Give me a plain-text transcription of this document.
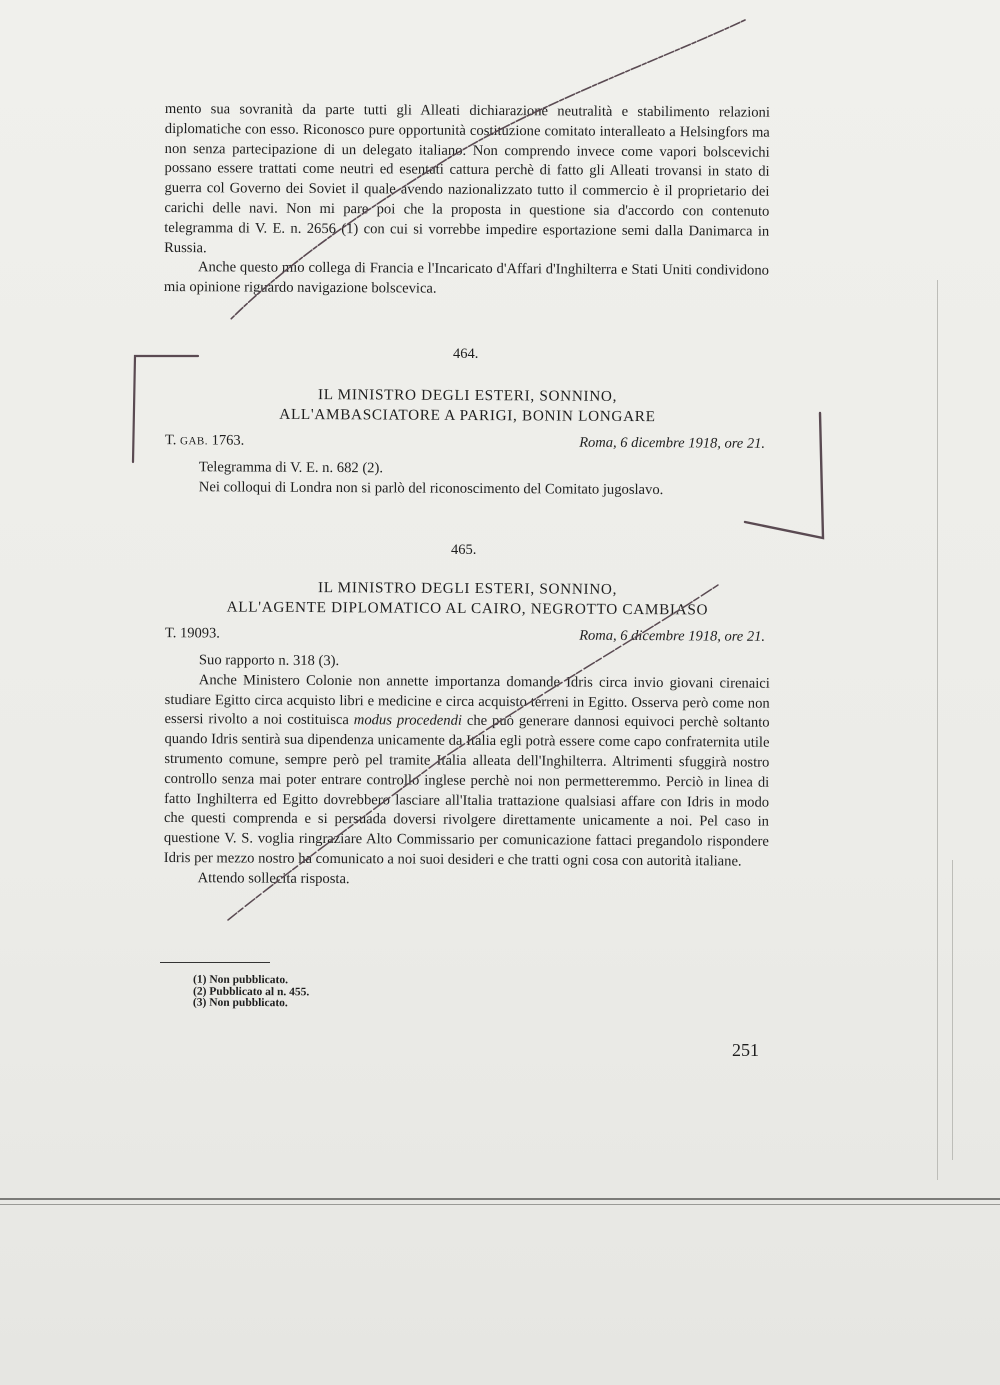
mento sua sovranità da parte tutti gli Alleati dichiarazione neutralità e stabilimento relazioni diplomatiche con esso. Riconosco pure opportunità costituzione comitato interalleato a Helsingfors ma non senza partecipazione di un delegato italiano. Non comprendo invece come vapori bolscevichi possano essere trattati come neutri ed esentati cattura perchè di fatto gli Alleati trovansi in stato di guerra col Governo dei Soviet il quale avendo nazionalizzato tutto il commercio è il proprietario dei carichi delle navi. Non mi pare poi che la proposta in questione sia d'accordo con contenuto telegramma di V. E. n. 2656 (1) con cui si vorrebbe impedire esportazione semi dalla Danimarca in Russia.

Anche questo mio collega di Francia e l'Incaricato d'Affari d'Inghilterra e Stati Uniti condividono mia opinione riguardo navigazione bolscevica.

464.
IL MINISTRO DEGLI ESTERI, SONNINO,
ALL'AMBASCIATORE A PARIGI, BONIN LONGARE
T. GAB. 1763.	Roma, 6 dicembre 1918, ore 21.

Telegramma di V. E. n. 682 (2).

Nei colloqui di Londra non si parlò del riconoscimento del Comitato jugoslavo.

465.
IL MINISTRO DEGLI ESTERI, SONNINO,
ALL'AGENTE DIPLOMATICO AL CAIRO, NEGROTTO CAMBIASO
T. 19093.	Roma, 6 dicembre 1918, ore 21.

Suo rapporto n. 318 (3).

Anche Ministero Colonie non annette importanza domande Idris circa invio giovani cirenaici studiare Egitto circa acquisto libri e medicine e circa acquisto terreni in Egitto. Osserva però come non essersi rivolto a noi costituisca modus procedendi che può generare dannosi equivoci perchè soltanto quando Idris sentirà sua dipendenza unicamente da Italia egli potrà essere come capo confraternita utile strumento comune, sempre però pel tramite Italia alleata dell'Inghilterra. Altrimenti sfuggirà nostro controllo senza mai poter entrare controllo inglese perchè noi non permetteremmo. Perciò in linea di fatto Inghilterra ed Egitto dovrebbero lasciare all'Italia trattazione qualsiasi affare con Idris in modo che questi comprenda e si persuada doversi rivolgere direttamente unicamente a noi. Pel caso in questione V. S. voglia ringraziare Alto Commissario per comunicazione fattaci pregandolo rispondere Idris per mezzo nostro ha comunicato a noi suoi desideri e che tratti ogni cosa con autorità italiane.

Attendo sollecita risposta.

(1) Non pubblicato.
(2) Pubblicato al n. 455.
(3) Non pubblicato.
251
